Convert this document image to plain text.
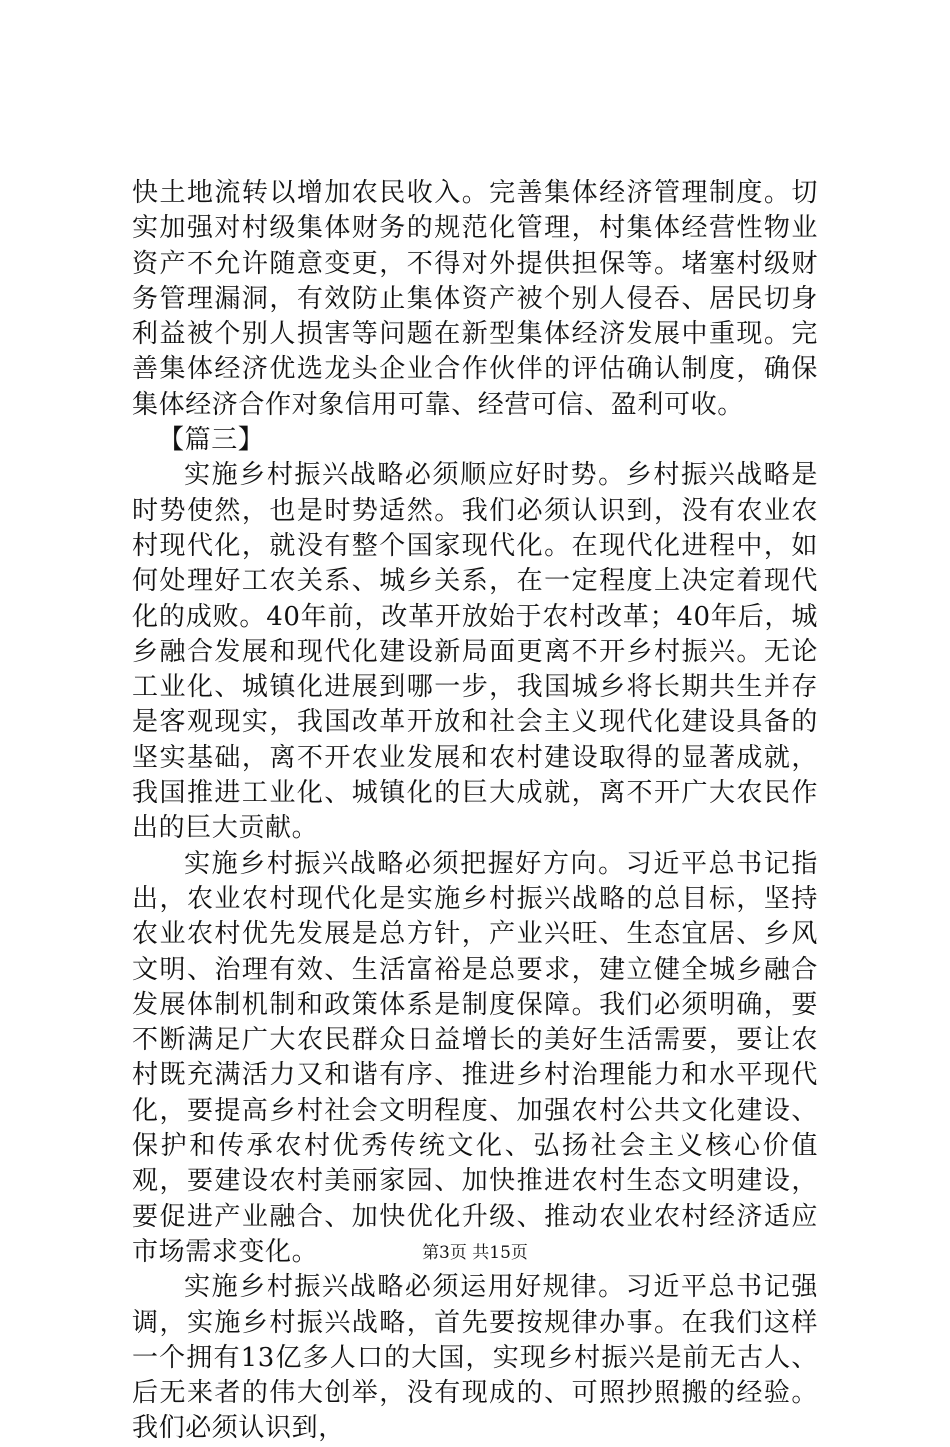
快土地流转以增加农民收入。完善集体经济管理制度。切实加强对村级集体财务的规范化管理，村集体经营性物业资产不允许随意变更，不得对外提供担保等。堵塞村级财务管理漏洞，有效防止集体资产被个别人侵吞、居民切身利益被个别人损害等问题在新型集体经济发展中重现。完善集体经济优选龙头企业合作伙伴的评估确认制度，确保集体经济合作对象信用可靠、经营可信、盈利可收。

【篇三】

实施乡村振兴战略必须顺应好时势。乡村振兴战略是时势使然，也是时势适然。我们必须认识到，没有农业农村现代化，就没有整个国家现代化。在现代化进程中，如何处理好工农关系、城乡关系，在一定程度上决定着现代化的成败。40年前，改革开放始于农村改革；40年后，城乡融合发展和现代化建设新局面更离不开乡村振兴。无论工业化、城镇化进展到哪一步，我国城乡将长期共生并存是客观现实，我国改革开放和社会主义现代化建设具备的坚实基础，离不开农业发展和农村建设取得的显著成就，我国推进工业化、城镇化的巨大成就，离不开广大农民作出的巨大贡献。

实施乡村振兴战略必须把握好方向。习近平总书记指出，农业农村现代化是实施乡村振兴战略的总目标，坚持农业农村优先发展是总方针，产业兴旺、生态宜居、乡风文明、治理有效、生活富裕是总要求，建立健全城乡融合发展体制机制和政策体系是制度保障。我们必须明确，要不断满足广大农民群众日益增长的美好生活需要，要让农村既充满活力又和谐有序、推进乡村治理能力和水平现代化，要提高乡村社会文明程度、加强农村公共文化建设、保护和传承农村优秀传统文化、弘扬社会主义核心价值观，要建设农村美丽家园、加快推进农村生态文明建设，要促进产业融合、加快优化升级、推动农业农村经济适应市场需求变化。

实施乡村振兴战略必须运用好规律。习近平总书记强调，实施乡村振兴战略，首先要按规律办事。在我们这样一个拥有13亿多人口的大国，实现乡村振兴是前无古人、后无来者的伟大创举，没有现成的、可照抄照搬的经验。我们必须认识到，

第3页 共15页
